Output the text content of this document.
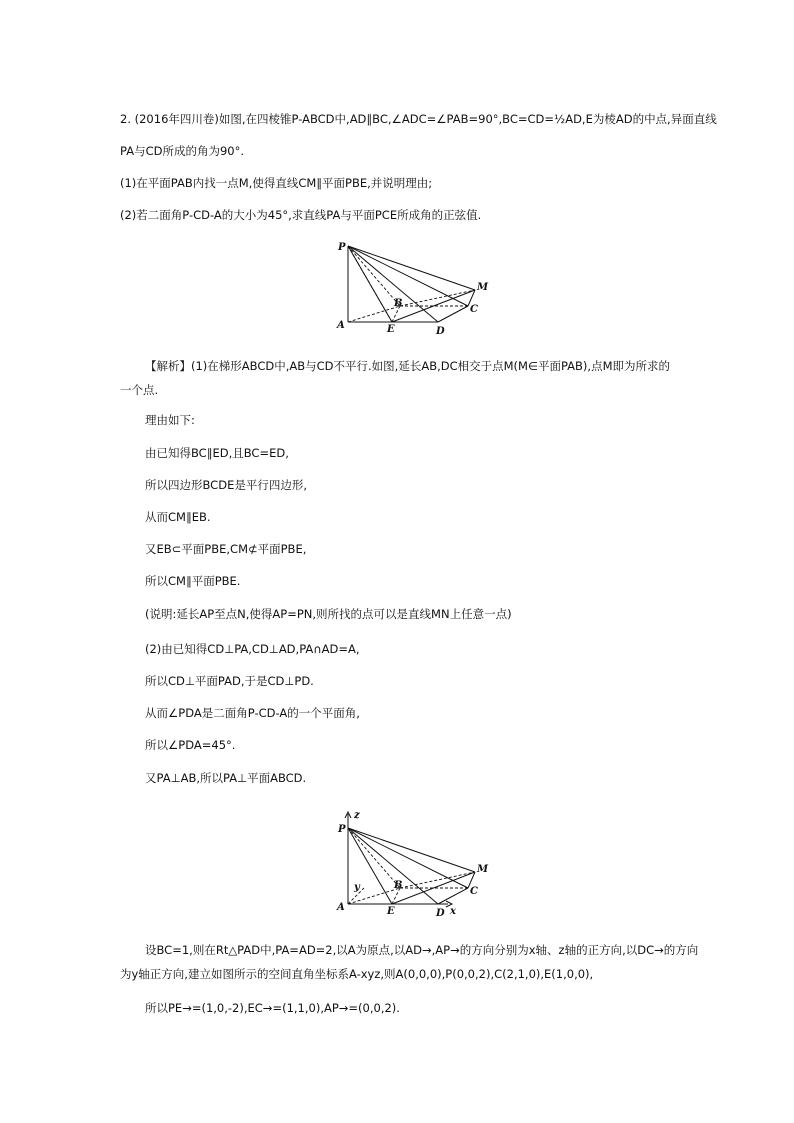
2. (2016年四川卷)如图,在四棱锥P-ABCD中,AD∥BC,∠ADC=∠PAB=90°,BC=CD=½AD,E为棱AD的中点,异面直线
PA与CD所成的角为90°.
(1)在平面PAB内找一点M,使得直线CM∥平面PBE,并说明理由;
(2)若二面角P-CD-A的大小为45°,求直线PA与平面PCE所成角的正弦值.
P
A
B
C
D
E
M
【解析】(1)在梯形ABCD中,AB与CD不平行.如图,延长AB,DC相交于点M(M∈平面PAB),点M即为所求的
一个点.
理由如下:
由已知得BC∥ED,且BC=ED,
所以四边形BCDE是平行四边形,
从而CM∥EB.
又EB⊂平面PBE,CM⊄平面PBE,
所以CM∥平面PBE.
(说明:延长AP至点N,使得AP=PN,则所找的点可以是直线MN上任意一点)
(2)由已知得CD⊥PA,CD⊥AD,PA∩AD=A,
所以CD⊥平面PAD,于是CD⊥PD.
从而∠PDA是二面角P-CD-A的一个平面角,
所以∠PDA=45°.
又PA⊥AB,所以PA⊥平面ABCD.
z
y
x
P
A
B
C
D
E
M
设BC=1,则在Rt△PAD中,PA=AD=2,以A为原点,以AD→,AP→的方向分别为x轴、z轴的正方向,以DC→的方向
为y轴正方向,建立如图所示的空间直角坐标系A-xyz,则A(0,0,0),P(0,0,2),C(2,1,0),E(1,0,0),
所以PE→=(1,0,-2),EC→=(1,1,0),AP→=(0,0,2).
